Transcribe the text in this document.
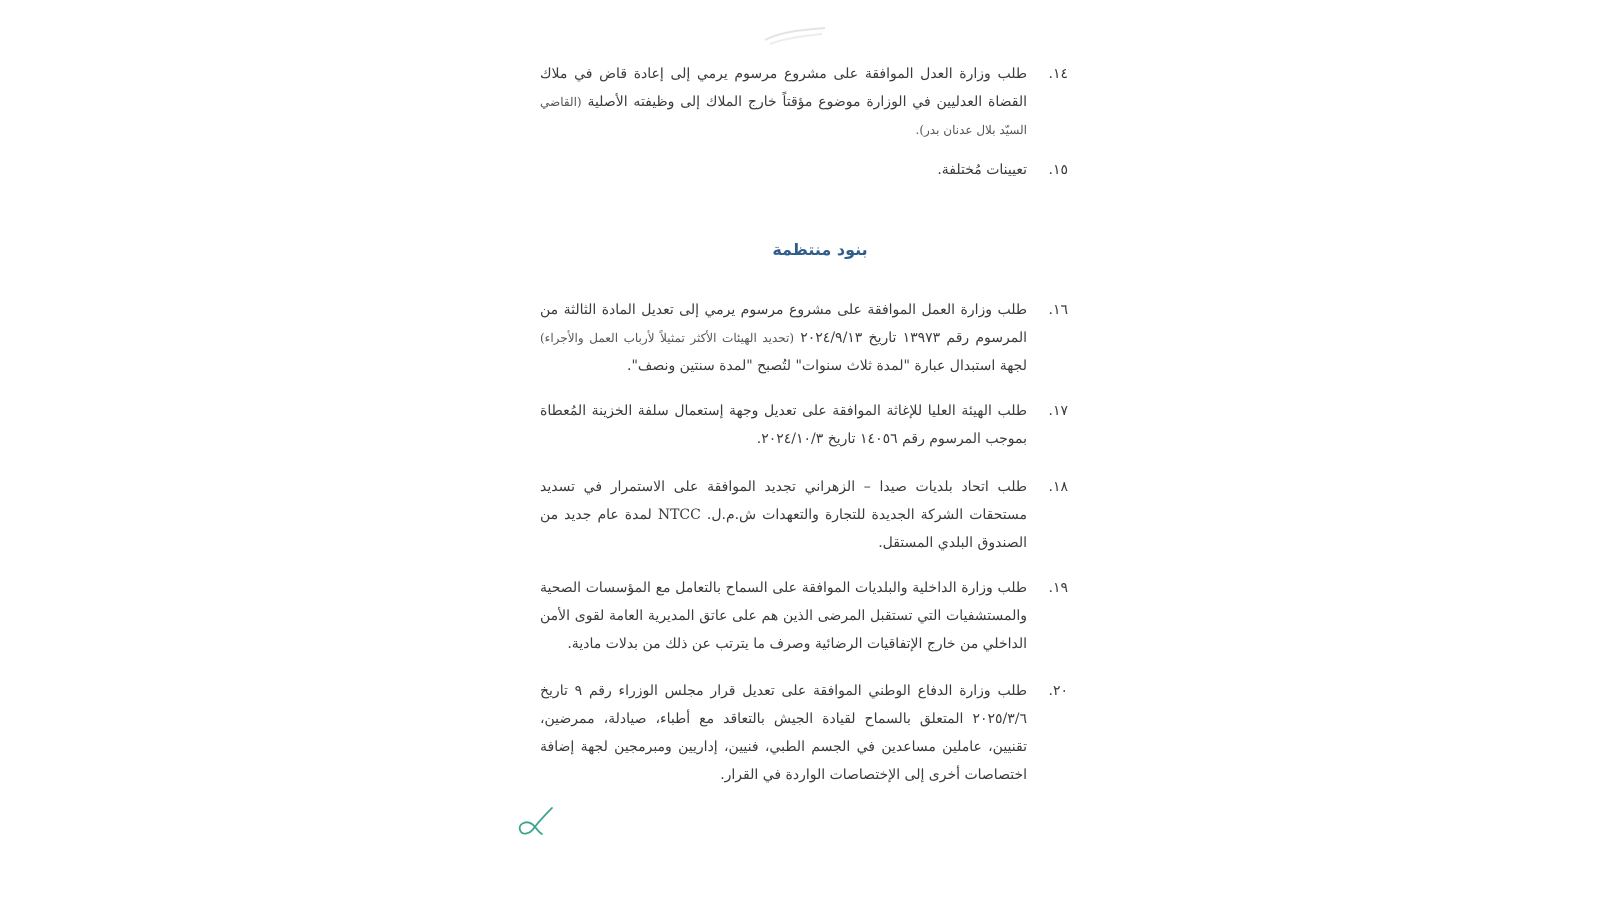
١٤.
طلب وزارة العدل الموافقة على مشروع مرسوم يرمي إلى إعادة قاض في ملاك القضاة العدليين في الوزارة موضوع مؤقتاً خارج الملاك إلى وظيفته الأصلية (القاضي السيّد بلال عدنان بدر).
١٥.
تعيينات مُختلفة.
بنود منتظمة
١٦.
طلب وزارة العمل الموافقة على مشروع مرسوم يرمي إلى تعديل المادة الثالثة من المرسوم رقم ١٣٩٧٣ تاريخ ٢٠٢٤/٩/١٣ (تحديد الهيئات الأكثر تمثيلاً لأرباب العمل والأجراء) لجهة استبدال عبارة "لمدة ثلاث سنوات" لتُصبح "لمدة سنتين ونصف".
١٧.
طلب الهيئة العليا للإغاثة الموافقة على تعديل وجهة إستعمال سلفة الخزينة المُعطاة بموجب المرسوم رقم ١٤٠٥٦ تاريخ ٢٠٢٤/١٠/٣.
١٨.
طلب اتحاد بلديات صيدا – الزهراني تجديد الموافقة على الاستمرار في تسديد مستحقات الشركة الجديدة للتجارة والتعهدات ش.م.ل. NTCC لمدة عام جديد من الصندوق البلدي المستقل.
١٩.
طلب وزارة الداخلية والبلديات الموافقة على السماح بالتعامل مع المؤسسات الصحية والمستشفيات التي تستقبل المرضى الذين هم على عاتق المديرية العامة لقوى الأمن الداخلي من خارج الإتفاقيات الرضائية وصرف ما يترتب عن ذلك من بدلات مادية.
٢٠.
طلب وزارة الدفاع الوطني الموافقة على تعديل قرار مجلس الوزراء رقم ٩ تاريخ ٢٠٢٥/٣/٦ المتعلق بالسماح لقيادة الجيش بالتعاقد مع أطباء، صيادلة، ممرضين، تقنيين، عاملين مساعدين في الجسم الطبي، فنيين، إداريين ومبرمجين لجهة إضافة اختصاصات أخرى إلى الإختصاصات الواردة في القرار.
